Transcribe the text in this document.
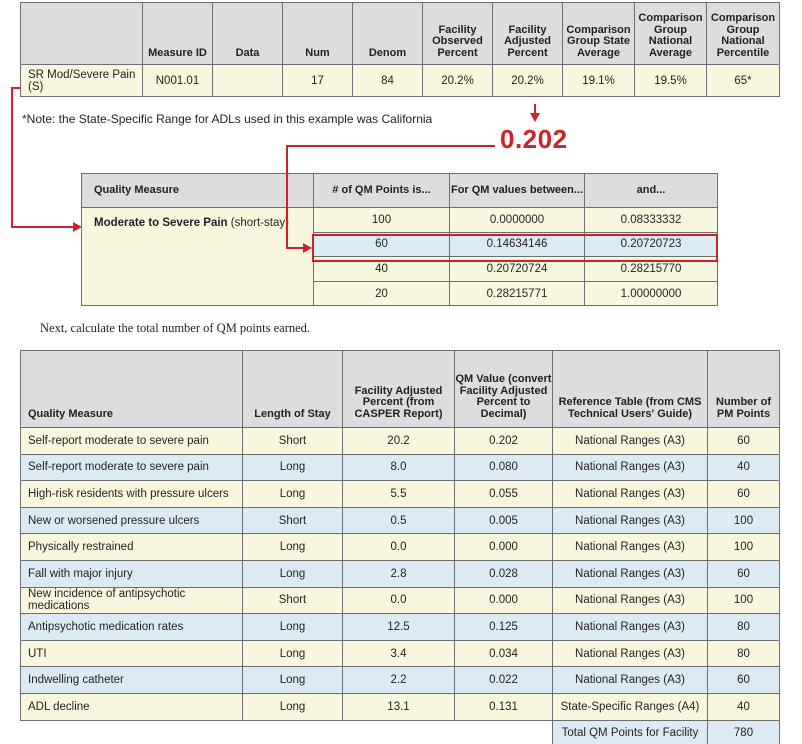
	Measure ID	Data	Num	Denom	Facility Observed Percent	Facility Adjusted Percent	Comparison Group State Average	Comparison Group National Average	Comparison Group National Percentile
SR Mod/Severe Pain (S)	N001.01		17	84	20.2%	20.2%	19.1%	19.5%	65*
*Note: the State-Specific Range for ADLs used in this example was California
0.202
Quality Measure	# of QM Points is...	For QM values between...	and...
Moderate to Severe Pain (short-stay)	100	0.0000000	0.08333332
	60	0.14634146	0.20720723
	40	0.20720724	0.28215770
	20	0.28215771	1.00000000
Next, calculate the total number of QM points earned.
Quality Measure	Length of Stay	Facility Adjusted Percent (from CASPER Report)	QM Value (convert Facility Adjusted Percent to Decimal)	Reference Table (from CMS Technical Users' Guide)	Number of PM Points
Self-report moderate to severe pain	Short	20.2	0.202	National Ranges (A3)	60
Self-report moderate to severe pain	Long	8.0	0.080	National Ranges (A3)	40
High-risk residents with pressure ulcers	Long	5.5	0.055	National Ranges (A3)	60
New or worsened pressure ulcers	Short	0.5	0.005	National Ranges (A3)	100
Physically restrained	Long	0.0	0.000	National Ranges (A3)	100
Fall with major injury	Long	2.8	0.028	National Ranges (A3)	60
New incidence of antipsychotic medications	Short	0.0	0.000	National Ranges (A3)	100
Antipsychotic medication rates	Long	12.5	0.125	National Ranges (A3)	80
UTI	Long	3.4	0.034	National Ranges (A3)	80
Indwelling catheter	Long	2.2	0.022	National Ranges (A3)	60
ADL decline	Long	13.1	0.131	State-Specific Ranges (A4)	40
				Total QM Points for Facility	780
